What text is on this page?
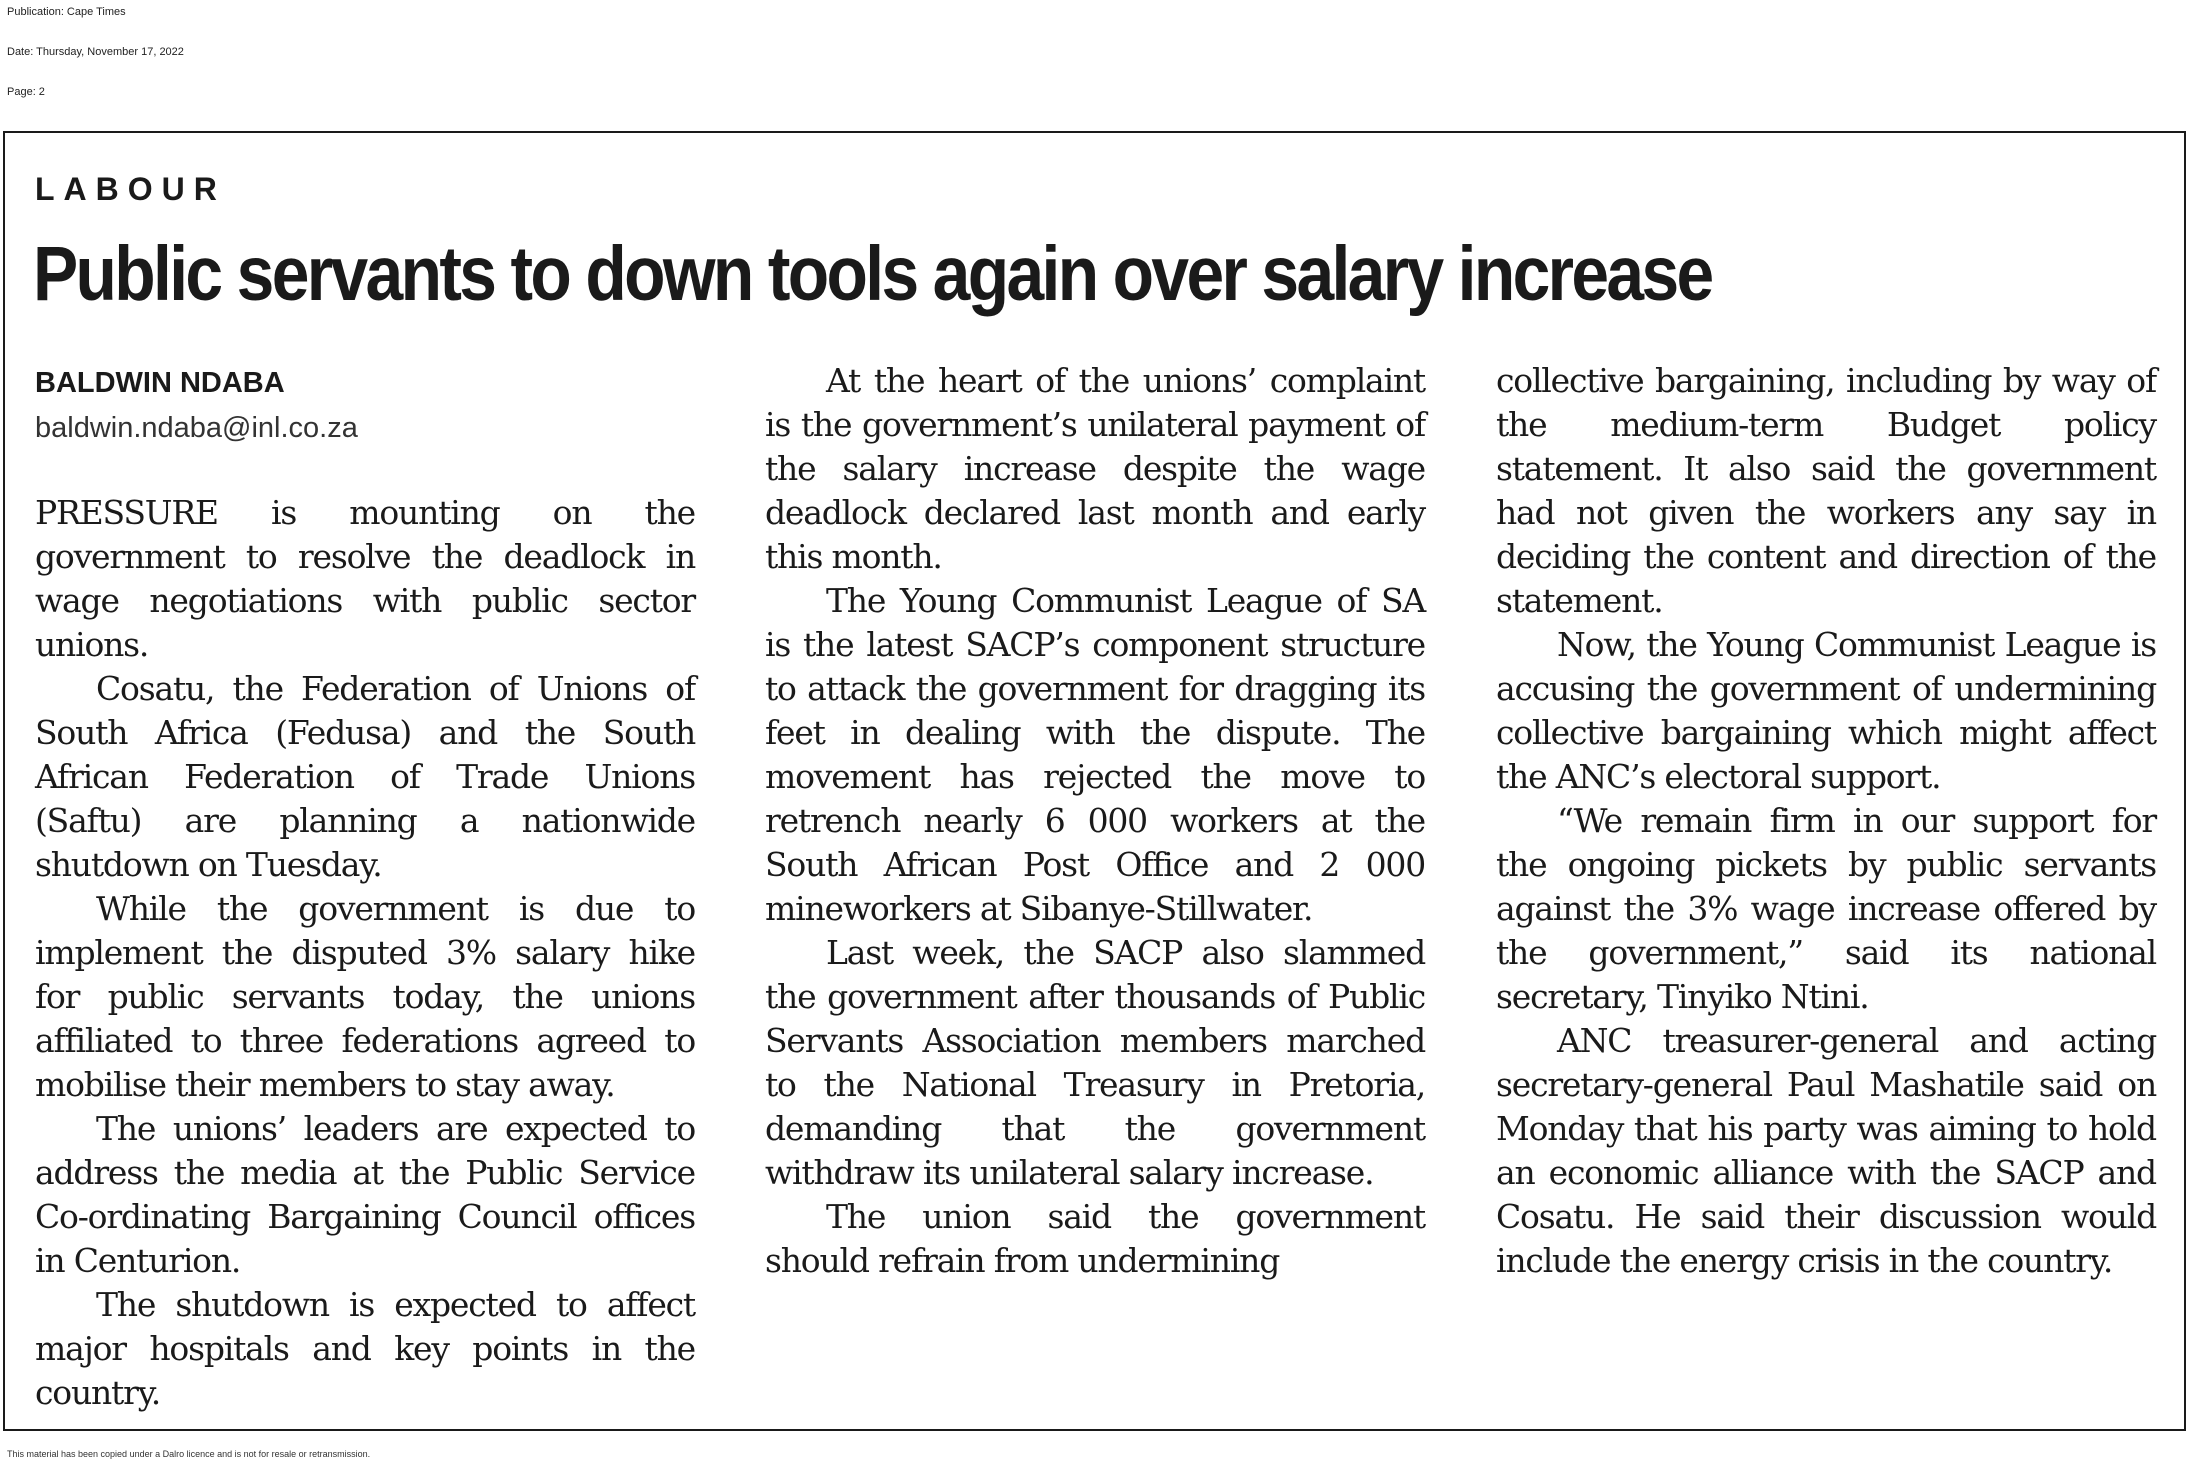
Publication: Cape Times
Date: Thursday, November 17, 2022
Page: 2
LABOUR
Public servants to down tools again over salary increase
BALDWIN NDABA
baldwin.ndaba@inl.co.za

PRESSURE is mounting on the government to resolve the deadlock in wage negotiations with public sector unions.

Cosatu, the Federation of Unions of South Africa (Fedusa) and the South African Federation of Trade Unions (Saftu) are planning a nationwide shutdown on Tuesday.

While the government is due to implement the disputed 3% salary hike for public servants today, the unions affiliated to three federations agreed to mobilise their members to stay away.

The unions’ leaders are expected to address the media at the Public Service Co-ordinating Bargaining Council offices in Centurion.

The shutdown is expected to affect major hospitals and key points in the country.

At the heart of the unions’ complaint is the government’s unilateral payment of the salary increase despite the wage deadlock declared last month and early this month.

The Young Communist League of SA is the latest SACP’s component structure to attack the government for dragging its feet in dealing with the dispute. The movement has rejected the move to retrench nearly 6 000 workers at the South African Post Office and 2 000 mineworkers at Sibanye-Stillwater.

Last week, the SACP also slammed the government after thousands of Public Servants Association members marched to the National Treasury in Pretoria, demanding that the government withdraw its unilateral salary increase.

The union said the government should refrain from undermining

collective bargaining, including by way of the medium-term Budget policy statement. It also said the government had not given the workers any say in deciding the content and direction of the statement.

Now, the Young Communist League is accusing the government of undermining collective bargaining which might affect the ANC’s electoral support.

“We remain firm in our support for the ongoing pickets by public servants against the 3% wage increase offered by the government,” said its national secretary, Tinyiko Ntini.

ANC treasurer-general and acting secretary-general Paul Mashatile said on Monday that his party was aiming to hold an economic alliance with the SACP and Cosatu. He said their discussion would include the energy crisis in the country.

This material has been copied under a Dalro licence and is not for resale or retransmission.
